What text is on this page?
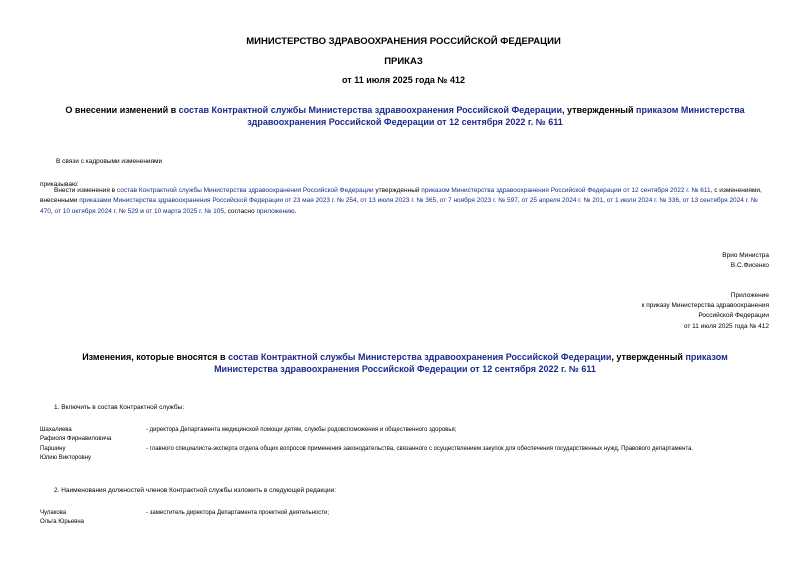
МИНИСТЕРСТВО ЗДРАВООХРАНЕНИЯ РОССИЙСКОЙ ФЕДЕРАЦИИ
ПРИКАЗ
от 11 июля 2025 года № 412
О внесении изменений в состав Контрактной службы Министерства здравоохранения Российской Федерации, утвержденный приказом Министерства здравоохранения Российской Федерации от 12 сентября 2022 г. № 611
В связи с кадровыми изменениями
приказываю:
Внести изменения в состав Контрактной службы Министерства здравоохранения Российской Федерации утвержденный приказом Министерства здравоохранения Российской Федерации от 12 сентября 2022 г. № 611, с изменениями, внесенными приказами Министерства здравоохранения Российской Федерации от 23 мая 2023 г. № 254, от 13 июля 2023 г. № 365, от 7 ноября 2023 г. № 597, от 25 апреля 2024 г. № 201, от 1 июля 2024 г. № 336, от 13 сентября 2024 г. № 470, от 10 октября 2024 г. № 529 и от 10 марта 2025 г. № 105, согласно приложению.
Врио Министра
В.С.Фисенко
Приложение
к приказу Министерства здравоохранения
Российской Федерации
от 11 июля 2025 года № 412
Изменения, которые вносятся в состав Контрактной службы Министерства здравоохранения Российской Федерации, утвержденный приказом Министерства здравоохранения Российской Федерации от 12 сентября 2022 г. № 611
1. Включить в состав Контрактной службы:
Шахалиева
Рафиоля Фирнавиловича
- директора Департамента медицинской помощи детям, службы родовспоможения и общественного здоровья;
Паршину
Юлию Викторовну
- главного специалиста-эксперта отдела общих вопросов применения законодательства, связанного с осуществлением закупок для обеспечения государственных нужд, Правового департамента.
2. Наименования должностей членов Контрактной службы изложить в следующей редакции:
Чулакова
Ольга Юрьевна
- заместитель директора Департамента проектной деятельности;
